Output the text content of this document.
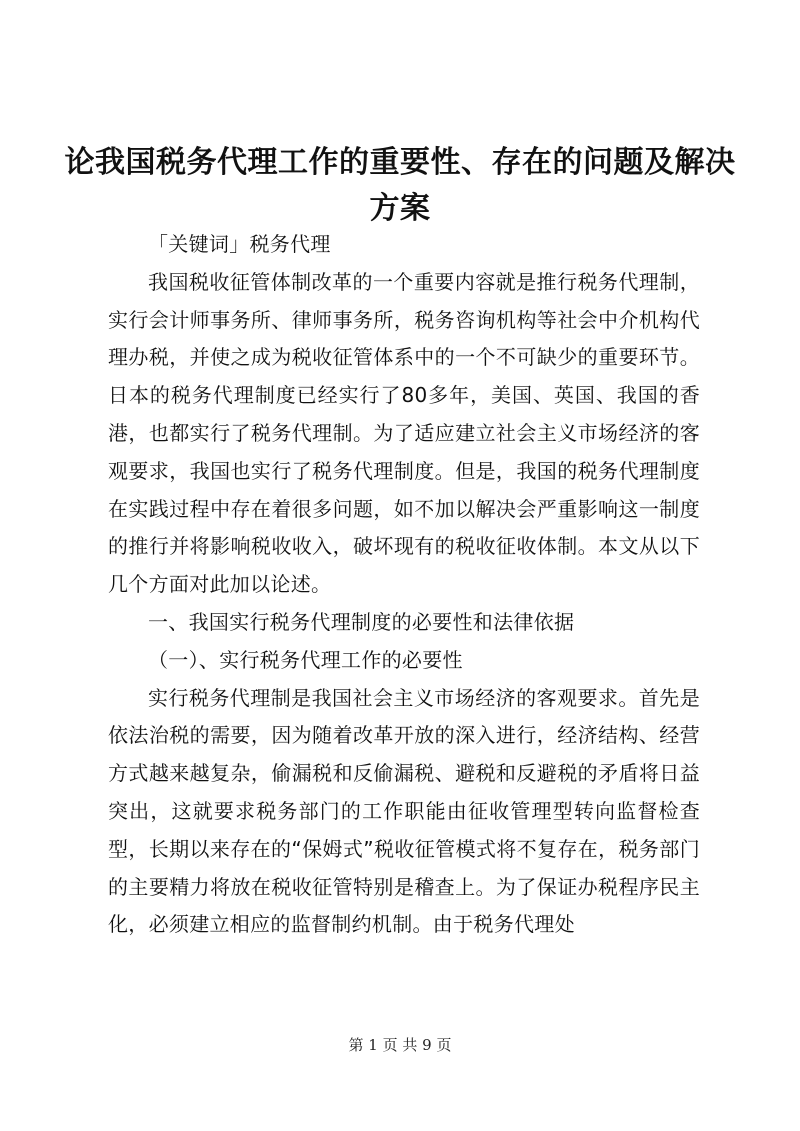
论我国税务代理工作的重要性、存在的问题及解决方案

「关键词」税务代理

我国税收征管体制改革的一个重要内容就是推行税务代理制，实行会计师事务所、律师事务所，税务咨询机构等社会中介机构代理办税，并使之成为税收征管体系中的一个不可缺少的重要环节。日本的税务代理制度已经实行了80多年，美国、英国、我国的香港，也都实行了税务代理制。为了适应建立社会主义市场经济的客观要求，我国也实行了税务代理制度。但是，我国的税务代理制度在实践过程中存在着很多问题，如不加以解决会严重影响这一制度的推行并将影响税收收入，破坏现有的税收征收体制。本文从以下几个方面对此加以论述。

一、我国实行税务代理制度的必要性和法律依据

（一）、实行税务代理工作的必要性

实行税务代理制是我国社会主义市场经济的客观要求。首先是依法治税的需要，因为随着改革开放的深入进行，经济结构、经营方式越来越复杂，偷漏税和反偷漏税、避税和反避税的矛盾将日益突出，这就要求税务部门的工作职能由征收管理型转向监督检查型，长期以来存在的“保姆式”税收征管模式将不复存在，税务部门的主要精力将放在税收征管特别是稽查上。为了保证办税程序民主化，必须建立相应的监督制约机制。由于税务代理处

第 1 页 共 9 页
